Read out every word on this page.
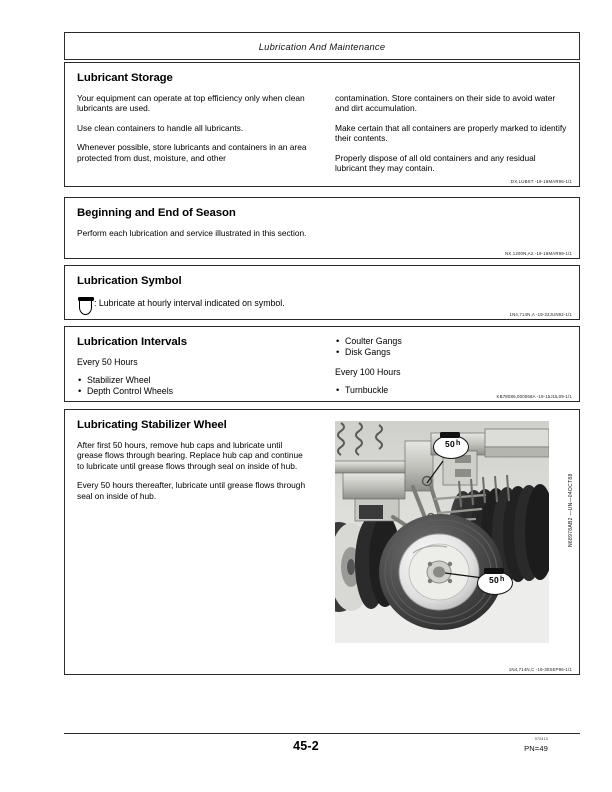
Lubrication And Maintenance
Lubricant Storage

Your equipment can operate at top efficiency only when clean lubricants are used.

Use clean containers to handle all lubricants.

Whenever possible, store lubricants and containers in an area protected from dust, moisture, and other

contamination. Store containers on their side to avoid water and dirt accumulation.

Make certain that all containers are properly marked to identify their contents.

Properly dispose of all old containers and any residual lubricant they may contain.

DX,LUBST -19-18MAR96-1/1
Beginning and End of Season

Perform each lubrication and service illustrated in this section.

NX,1200N,A2 -19-18MAR99-1/1
Lubrication Symbol
: Lubricate at hourly interval indicated on symbol.
1N4,714N,A -19-22JUN92-1/1
Lubrication Intervals
Every 50 Hours
• Stabilizer Wheel
• Depth Control Wheels
• Coulter Gangs
• Disk Gangs
Every 100 Hours
• Turnbuckle
KB78086,000068A -19-15JUL09-1/1
Lubricating Stabilizer Wheel

After first 50 hours, remove hub caps and lubricate until grease flows through bearing. Replace hub cap and continue to lubricate until grease flows through seal on inside of hub.

Every 50 hours thereafter, lubricate until grease flows through seal on inside of hub.

50 h
50 h
N68978AB2 —UN—04OCT88
1N4,714N,C -19-30SEP96-1/1
45-2	072413
PN=49
